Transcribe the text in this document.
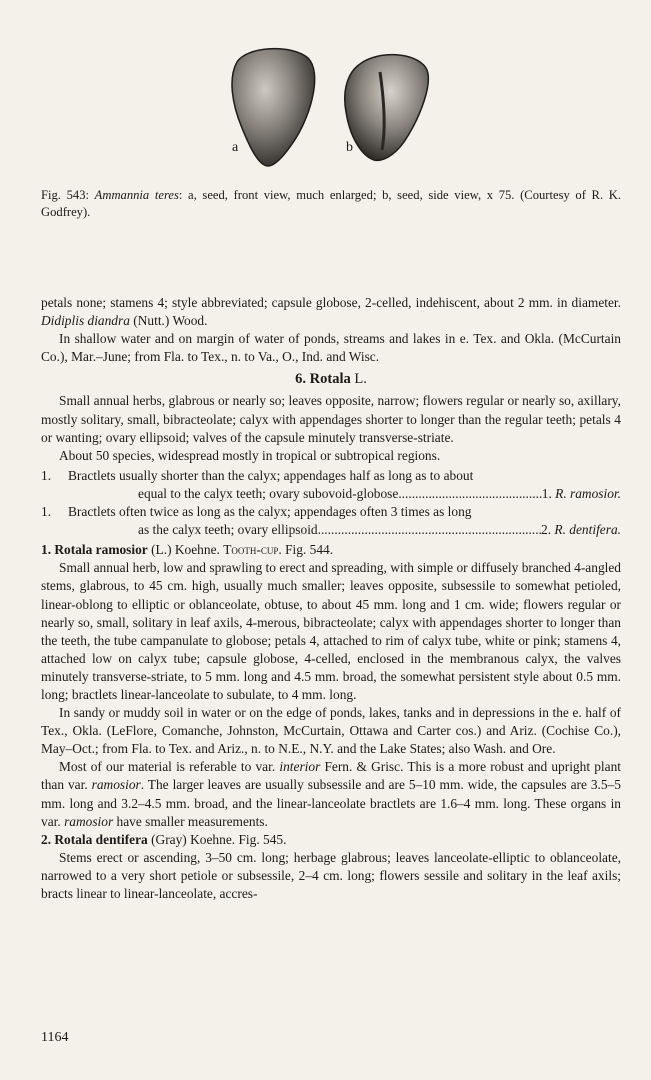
a	b
Fig. 543: Ammannia teres: a, seed, front view, much enlarged; b, seed, side view, x 75. (Courtesy of R. K. Godfrey).

petals none; stamens 4; style abbreviated; capsule globose, 2-celled, indehiscent, about 2 mm. in diameter. Didiplis diandra (Nutt.) Wood.

In shallow water and on margin of water of ponds, streams and lakes in e. Tex. and Okla. (McCurtain Co.), Mar.–June; from Fla. to Tex., n. to Va., O., Ind. and Wisc.

6. Rotala L.

Small annual herbs, glabrous or nearly so; leaves opposite, narrow; flowers regular or nearly so, axillary, mostly solitary, small, bibracteolate; calyx with appendages shorter to longer than the regular teeth; petals 4 or wanting; ovary ellipsoid; valves of the capsule minutely transverse-striate.

About 50 species, widespread mostly in tropical or subtropical regions.

1. Bractlets usually shorter than the calyx; appendages half as long as to about
equal to the calyx teeth; ovary subovoid-globose .....	1. R. ramosior.
1. Bractlets often twice as long as the calyx; appendages often 3 times as long
as the calyx teeth; ovary ellipsoid .....	2. R. dentifera.

1. Rotala ramosior (L.) Koehne. Tooth-cup. Fig. 544.

Small annual herb, low and sprawling to erect and spreading, with simple or diffusely branched 4-angled stems, glabrous, to 45 cm. high, usually much smaller; leaves opposite, subsessile to somewhat petioled, linear-oblong to elliptic or oblanceolate, obtuse, to about 45 mm. long and 1 cm. wide; flowers regular or nearly so, small, solitary in leaf axils, 4-merous, bibracteolate; calyx with appendages shorter to longer than the teeth, the tube campanulate to globose; petals 4, attached to rim of calyx tube, white or pink; stamens 4, attached low on calyx tube; capsule globose, 4-celled, enclosed in the membranous calyx, the valves minutely transverse-striate, to 5 mm. long and 4.5 mm. broad, the somewhat persistent style about 0.5 mm. long; bractlets linear-lanceolate to subulate, to 4 mm. long.

In sandy or muddy soil in water or on the edge of ponds, lakes, tanks and in depressions in the e. half of Tex., Okla. (LeFlore, Comanche, Johnston, McCurtain, Ottawa and Carter cos.) and Ariz. (Cochise Co.), May–Oct.; from Fla. to Tex. and Ariz., n. to N.E., N.Y. and the Lake States; also Wash. and Ore.

Most of our material is referable to var. interior Fern. & Grisc. This is a more robust and upright plant than var. ramosior. The larger leaves are usually subsessile and are 5–10 mm. wide, the capsules are 3.5–5 mm. long and 3.2–4.5 mm. broad, and the linear-lanceolate bractlets are 1.6–4 mm. long. These organs in var. ramosior have smaller measurements.

2. Rotala dentifera (Gray) Koehne. Fig. 545.

Stems erect or ascending, 3–50 cm. long; herbage glabrous; leaves lanceolate-elliptic to oblanceolate, narrowed to a very short petiole or subsessile, 2–4 cm. long; flowers sessile and solitary in the leaf axils; bracts linear to linear-lanceolate, accres-

1164
